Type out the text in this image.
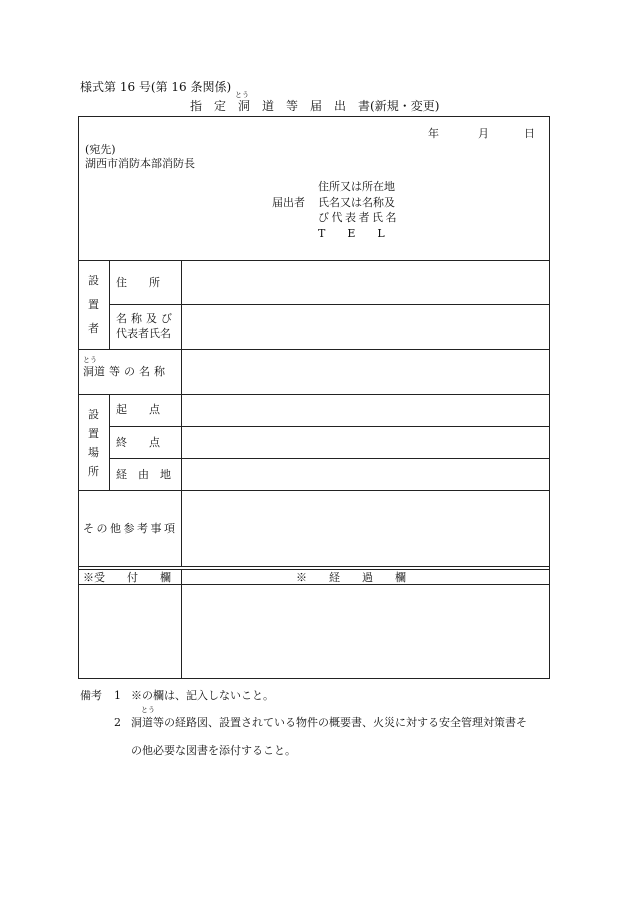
様式第 16 号(第 16 条関係)
とう
指　定　洞　道　等　届　出　書(新規・変更)
年	月	日
(宛先)
湖西市消防本部消防長
住所又は所在地
届出者 氏名又は名称及
び代表者氏名
T　　E　　L
設
置
者
住　　所
名称及び
代表者氏名
とう
洞道等の名称
設
置
場
所
起　　点
終　　点
経　由　地
その他参考事項
※受　　付　　欄	※　　経　　過　　欄
備考 1 ※の欄は、記入しないこと。
2
とう
洞道等の経路図、設置されている物件の概要書、火災に対する安全管理対策書そ
の他必要な図書を添付すること。
